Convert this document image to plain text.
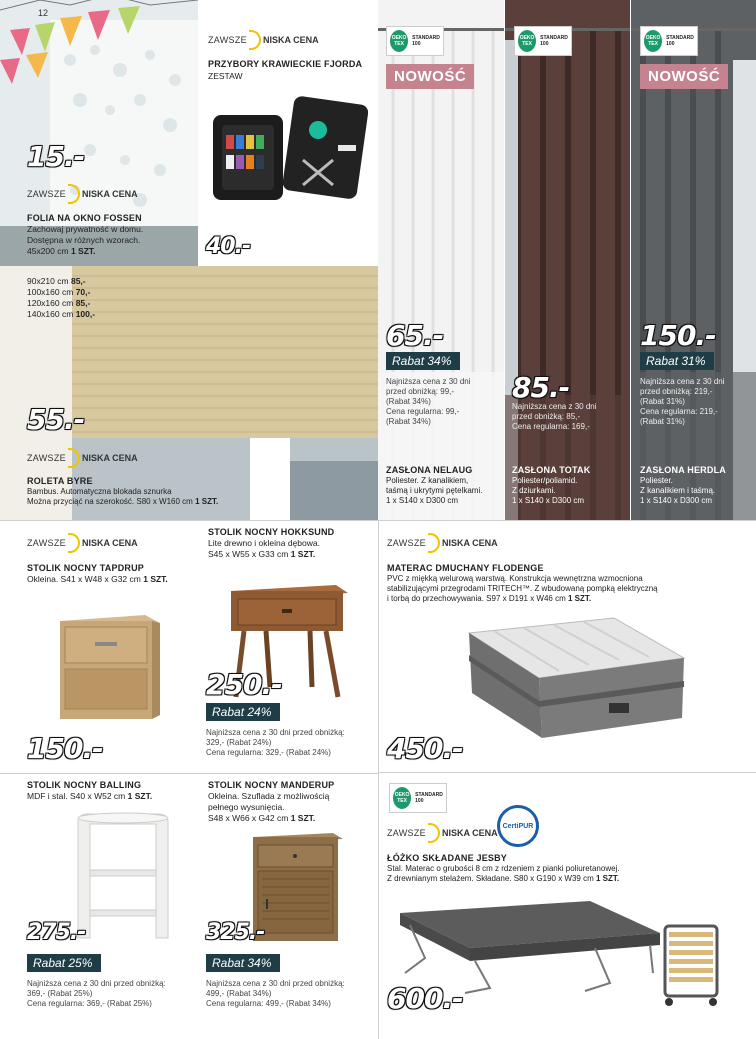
12
15.-
ZAWSZE NISKA CENA
FOLIA NA OKNO FOSSEN
Zachowaj prywatność w domu.
Dostępna w różnych wzorach.
45x200 cm 1 SZT.
ZAWSZE NISKA CENA
PRZYBORY KRAWIECKIE FJORDA
ZESTAW
40.-
OEKO TEX
STANDARD 100
OEKO TEX
STANDARD 100
OEKO TEX
STANDARD 100
NOWOŚĆ	NOWOŚĆ
65.-
Rabat 34%
Najniższa cena z 30 dni
przed obniżką: 99,-
(Rabat 34%)
Cena regularna: 99,-
(Rabat 34%)
ZASŁONA NELAUG
Poliester. Z kanalikiem,
taśmą i ukrytymi pętelkami.
1 x S140 x D300 cm
85.-
Najniższa cena z 30 dni
przed obniżką: 85,-
Cena regularna: 169,-
ZASŁONA TOTAK
Poliester/poliamid.
Z dziurkami.
1 x S140 x D300 cm
150.-
Rabat 31%
Najniższa cena z 30 dni
przed obniżką: 219,-
(Rabat 31%)
Cena regularna: 219,-
(Rabat 31%)
ZASŁONA HERDLA
Poliester.
Z kanalikiem i taśmą.
1 x S140 x D300 cm
90x210 cm 85,-
100x160 cm 70,-
120x160 cm 85,-
140x160 cm 100,-
55.-
ZAWSZE NISKA CENA
ROLETA BYRE
Bambus. Automatyczna blokada sznurka
Można przyciąć na szerokość. S80 x W160 cm 1 SZT.
ZAWSZE NISKA CENA
STOLIK NOCNY TAPDRUP
Okleina. S41 x W48 x G32 cm 1 SZT.
150.-
STOLIK NOCNY HOKKSUND
Lite drewno i okleina dębowa.
S45 x W55 x G33 cm 1 SZT.
250.-
Rabat 24%
Najniższa cena z 30 dni przed obniżką:
329,- (Rabat 24%)
Cena regularna: 329,- (Rabat 24%)
ZAWSZE NISKA CENA
MATERAC DMUCHANY FLODENGE
PVC z miękką welurową warstwą. Konstrukcja wewnętrzna wzmocniona
stabilizującymi przegrodami TRITECH™. Z wbudowaną pompką elektryczną
i torbą do przechowywania. S97 x D191 x W46 cm 1 SZT.
450.-
STOLIK NOCNY BALLING
MDF i stal. S40 x W52 cm 1 SZT.
275.-
Rabat 25%
Najniższa cena z 30 dni przed obniżką:
369,- (Rabat 25%)
Cena regularna: 369,- (Rabat 25%)
STOLIK NOCNY MANDERUP
Okleina. Szuflada z możliwością
pełnego wysunięcia.
S48 x W66 x G42 cm 1 SZT.
325.-
Rabat 34%
Najniższa cena z 30 dni przed obniżką:
499,- (Rabat 34%)
Cena regularna: 499,- (Rabat 34%)
OEKO TEX
STANDARD 100
ZAWSZE NISKA CENA
CertiPUR
ŁÓŻKO SKŁADANE JESBY
Stal. Materac o grubości 8 cm z rdzeniem z pianki poliuretanowej.
Z drewnianym stelażem. Składane. S80 x G190 x W39 cm 1 SZT.
600.-
